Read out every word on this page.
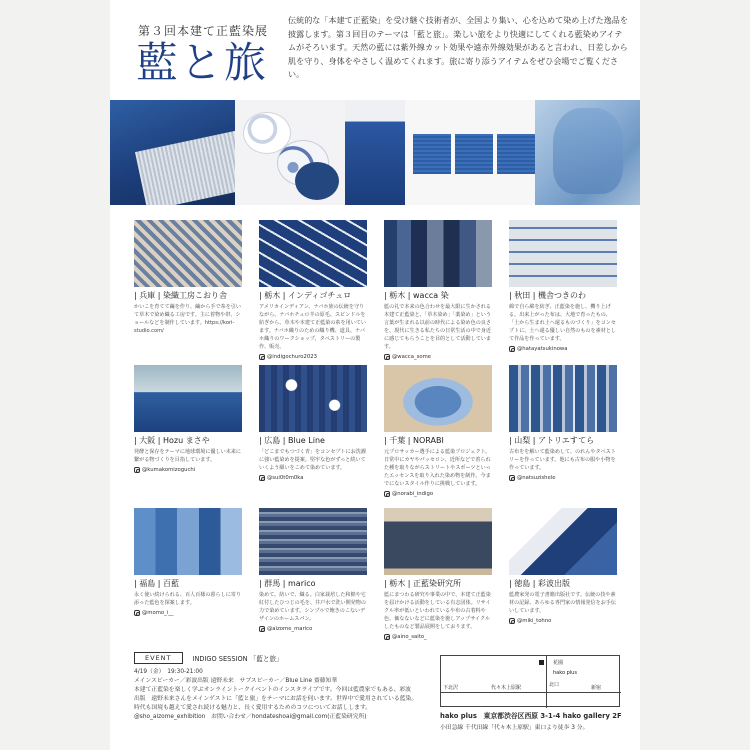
第３回本建て正藍染展
藍と旅
伝統的な「本建て正藍染」を受け継ぐ技術者が、全国より集い、心を込めて染め上げた逸品を披露します。第３回目のテーマは「藍と旅」。楽しい旅をより快適にしてくれる藍染めアイテムがそろいます。天然の藍には紫外線カット効果や遠赤外線効果があると言われ、日差しから肌を守り、身体をやさしく温めてくれます。旅に寄り添うアイテムをぜひ会場でご覧ください。
| 兵庫 | 染織工房こおり舎
かいこを育てて繭を作り、繭から手で糸を引いて草木で染め織る工房です。主に着物や帯、ショールなどを制作しています。https://kori-studio.com/
| 栃木 | インディゴチュロ
アメリカインディアン、ナバホ族の伝統を守りながら、ナバホチュロ羊の原毛、スピンドルを紡ぎから、草木や本建て正藍染の糸を用いています。ナバホ織りのための織り機、道具、ナバホ織りのワークショップ、タペストリーの製作、販売。
@indigochuro2023
| 栃木 | wacca 染
藍の礼で本来の色合わせを最大限に生かされる本建て正藍染と、「草木染め」「薬染め」という言葉が生まれる以前の時代による染め色の良さを、現代に生きる私たちの日常生活の中で身近に感じてもらうことを目的として活動しています。
@wacca_some
| 秋田 | 機舎つきのわ
綿で自ら綿を紡ぎ、正藍染を施し、機り上げる。出来上がった布は、大地で育ったもの、「土から生まれ土へ還るものづくり」をコンセプトに、土へ還る優しい自然のものを素材として作品を作っています。
@hatayatsukinowa
| 大阪 | Hozu まさや
発酵と保存をテーマに地球環境に優しい未来に繋がる物づくりを目指しています。
@kumakomizoguchi
| 広島 | Blue Line
「どこまでもつづく青」をコンセプトにお洗濯に強い藍染めを提案。堅牢な色がずっと続いていくよう願いをこめて染めています。
@sui0t0m0ka
| 千葉 | NORABI
元プロサッカー選手による藍染プロジェクト。日常中にカヤやパッセロン、近所などで着られた種を取りながらストリートやスポーツといったエッセンスを取り入れた染め物を制作。今までにないスタイル作りに挑戦しています。
@norabi_indigo
| 山梨 | アトリエすてら
古布をを解いて藍染めして、のれんやタペストリーを作っています。他にも古布の服や小物を作っています。
@natsuzishele
| 福島 | 百藍
永く使い続けられる、百人百様の暮らしに寄り添った藍色を探案します。
@momo_i__
| 群馬 | marico
染めて、紡いで、織る。白家栽培した和棉や宅紅付したひつじの毛を、井戸水で洗い開発物の力で染めています。シンプルで飽きのこないデザインのホームスパン。
@aizome_marico
| 栃木 | 正藍染研究所
藍にまつわる研究や事業の中で、本建て正藍染を届けかける活動をしている有志団体。リサイクル率が低いといわれているや布の古着料や色、価なないなどに藍染を施しアップサイクルしたものなど製品展開をしております。
@aino_saito_
| 徳島 | 彩波出版
藍農家発の電子書籍出版社です。伝統の技や素材の記録、あらゆる専門家の情報発信をお手伝いしています。
@miki_tohno
EVENT	INDIGO SESSION 「藍と旅」
4/19（金）　19:30-21:00
メインスピーカー／彩波出版 遠野未来　サブスピーカー／Blue Line 齋藤知華
本建て正藍染を楽しく学ぶオンライントークイベントのインスタライブです。今回は藍農家でもある、彩波
出版　遠野未来さんをメインゲストに「藍と旅」をテーマにお話を伺います。世界中で愛用されている藍染。
時代も国境も越えて愛され続ける魅力と、長く愛用するためのコツについてお話しします。
@sho_aizome_exhibition　お問い合わせ／hondateshoai@gmail.com(正藍染研究所)
花園
hako plus
下北沢	代々木上原駅	北口	新宿
hako plus　東京都渋谷区西原 3-1-4 hako gallery 2F
小田急線 千代田線「代々木上原駅」東口より徒歩 3 分。
